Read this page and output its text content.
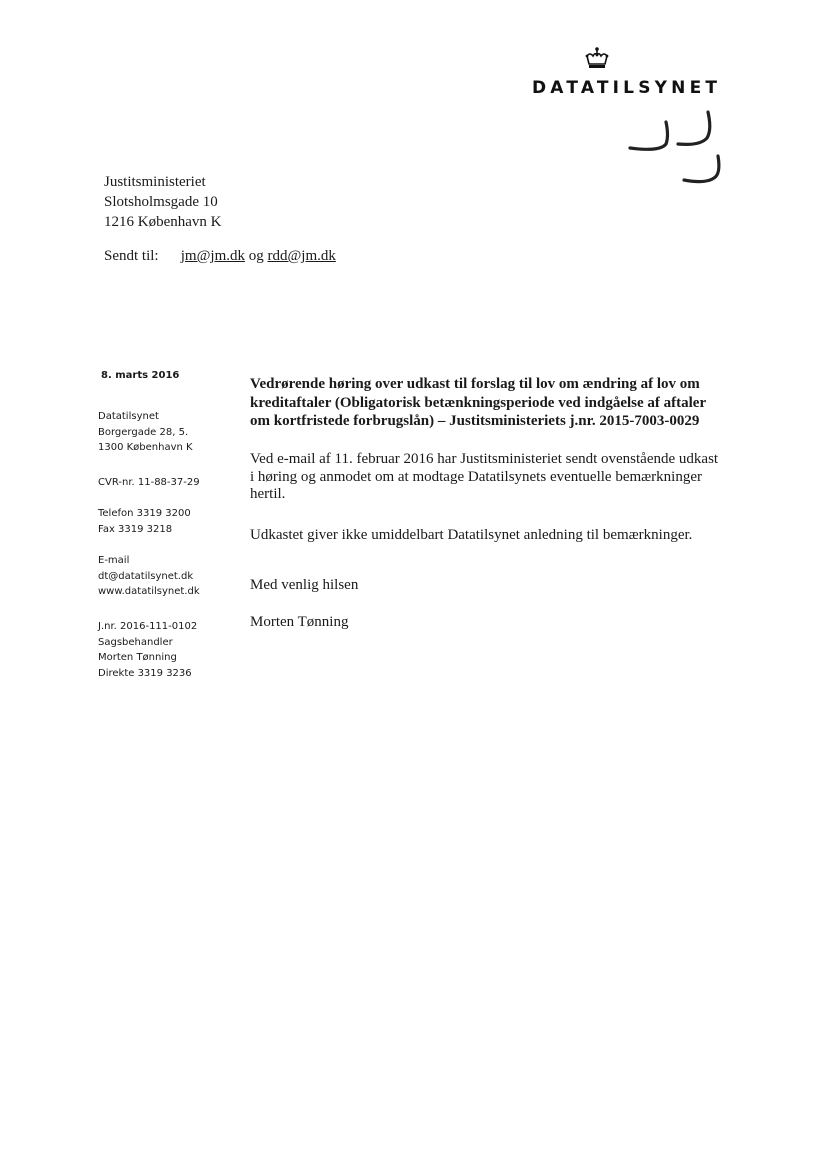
DATATILSYNET
Justitsministeriet
Slotsholmsgade 10
1216 København K
Sendt til: jm@jm.dk og rdd@jm.dk
8. marts 2016
Datatilsynet
Borgergade 28, 5.
1300 København K
CVR-nr. 11-88-37-29
Telefon 3319 3200
Fax 3319 3218
E-mail
dt@datatilsynet.dk
www.datatilsynet.dk
J.nr. 2016-111-0102
Sagsbehandler
Morten Tønning
Direkte 3319 3236
Vedrørende høring over udkast til forslag til lov om ændring af lov om
kreditaftaler (Obligatorisk betænkningsperiode ved indgåelse af aftaler
om kortfristede forbrugslån) – Justitsministeriets j.nr. 2015-7003-0029
Ved e-mail af 11. februar 2016 har Justitsministeriet sendt ovenstående udkast
i høring og anmodet om at modtage Datatilsynets eventuelle bemærkninger
hertil.
Udkastet giver ikke umiddelbart Datatilsynet anledning til bemærkninger.
Med venlig hilsen
Morten Tønning
